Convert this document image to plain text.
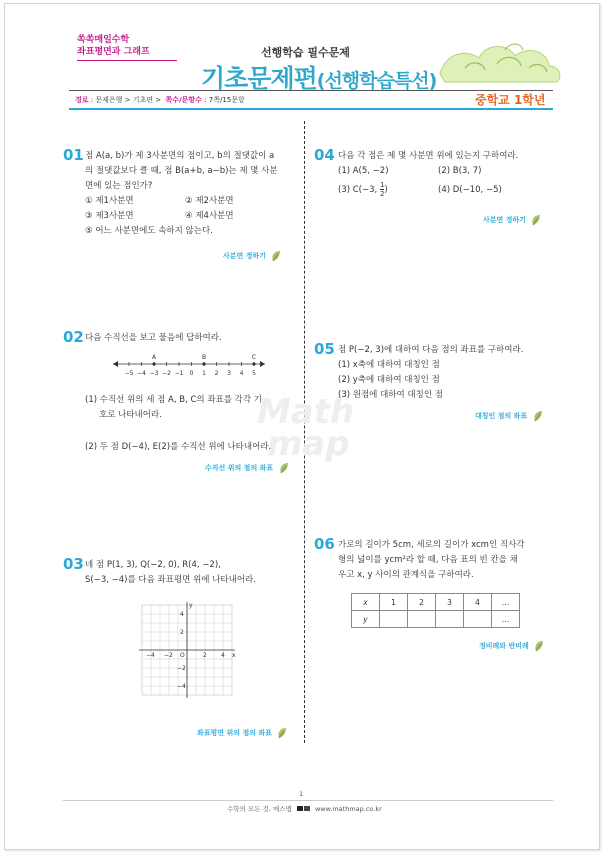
쏙쏙매일수학
좌표평면과 그래프	선행학습 필수문제
기초문제편(선행학습특선)
경로 : 문제은행 > 기초편 > 쪽수/문항수 : 7쪽/15문항	중학교 1학년
Math
map
01 점 A(a, b)가 제 3사분면의 점이고, b의 절댓값이 a
의 절댓값보다 클 때, 점 B(a+b, a−b)는 제 몇 사분
면에 있는 점인가?
① 제1사분면	② 제2사분면
③ 제3사분면	④ 제4사분면
⑤ 어느 사분면에도 속하지 않는다.
사분면 정하기
02 다음 수직선을 보고 물음에 답하여라.
−5 −4 −3 −2 −1 0 1 2 3 4 5
A	B	C
(1) 수직선 위의 세 점 A, B, C의 좌표를 각각 기
호로 나타내어라.
(2) 두 점 D(−4), E(2)를 수직선 위에 나타내어라.
수직선 위의 점의 좌표
03 네 점 P(1, 3), Q(−2, 0), R(4, −2),
S(−3, −4)를 다음 좌표평면 위에 나타내어라.
x
y
O	4
2
−4 −2
4
2
−2
−4
좌표평면 위의 점의 좌표
04 다음 각 점은 제 몇 사분면 위에 있는지 구하여라.
(1) A(5, −2)	(2) B(3, 7)
(3) C(−3, $\frac{1}{2}$ )	(4) D(−10, −5)
사분면 정하기
05 점 P(−2, 3)에 대하여 다음 점의 좌표를 구하여라.
(1) x축에 대하여 대칭인 점
(2) y축에 대하여 대칭인 점
(3) 원점에 대하여 대칭인 점
대칭인 점의 좌표
06 가로의 길이가 5cm, 세로의 길이가 xcm인 직사각
형의 넓이를 ycm²라 할 때, 다음 표의 빈 칸을 채
우고 x, y 사이의 관계식을 구하여라.
x	1	2	3	4	…
y					…
정비례와 반비례
1
수학의 모든 것, 매스맵	www.mathmap.co.kr
